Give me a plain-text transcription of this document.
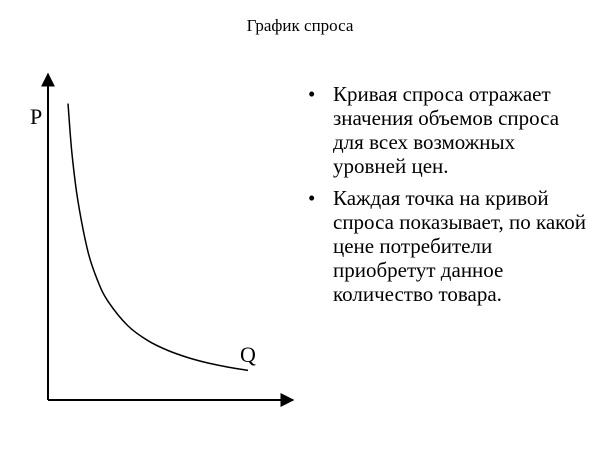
График спроса
P
Q
• Кривая спроса отражает значения объемов спроса для всех возможных уровней цен.
• Каждая точка на кривой спроса показывает, по какой цене потребители приобретут данное количество товара.
